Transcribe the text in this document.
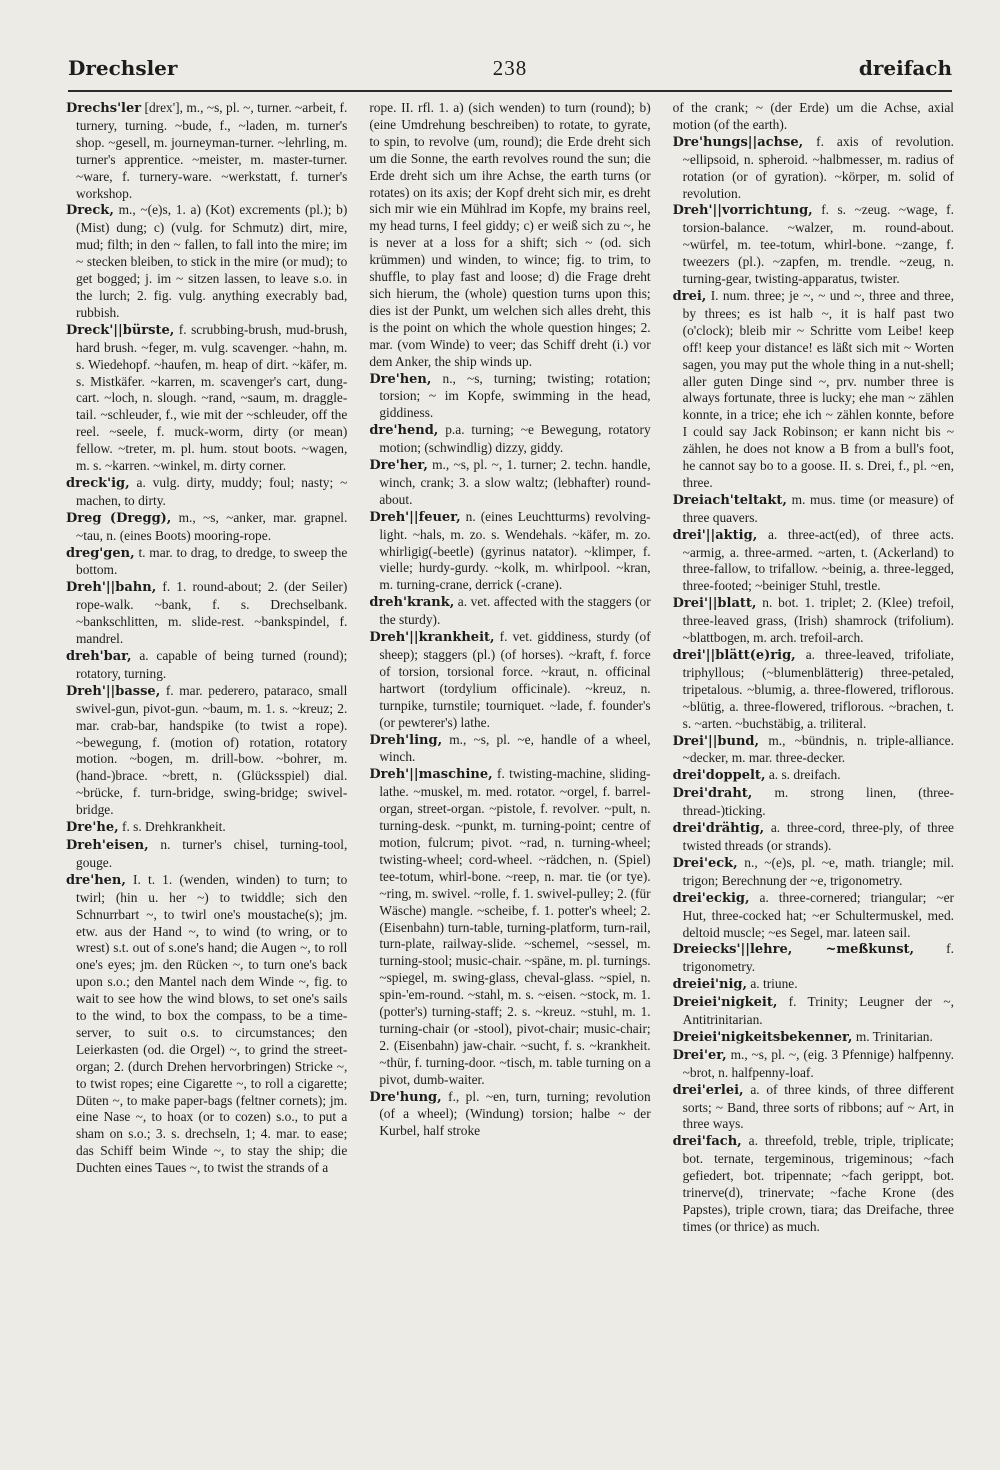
Drechsler	238	dreifach
Drechs'ler [drex'], m., ~s, pl. ~, turner. ~arbeit, f. turnery, turning. ~bude, f., ~laden, m. turner's shop. ~gesell, m. journeyman-turner. ~lehrling, m. turner's apprentice. ~meister, m. master-turner. ~ware, f. turnery-ware. ~werkstatt, f. turner's workshop.
Dreck, m., ~(e)s, 1. a) (Kot) excrements (pl.); b) (Mist) dung; c) (vulg. for Schmutz) dirt, mire, mud; filth; in den ~ fallen, to fall into the mire; im ~ stecken bleiben, to stick in the mire (or mud); to get bogged; j. im ~ sitzen lassen, to leave s.o. in the lurch; 2. fig. vulg. anything execrably bad, rubbish.
Dreck'||bürste, f. scrubbing-brush, mud-brush, hard brush. ~feger, m. vulg. scavenger. ~hahn, m. s. Wiedehopf. ~haufen, m. heap of dirt. ~käfer, m. s. Mistkäfer. ~karren, m. scavenger's cart, dung-cart. ~loch, n. slough. ~rand, ~saum, m. draggle-tail. ~schleuder, f., wie mit der ~schleuder, off the reel. ~seele, f. muck-worm, dirty (or mean) fellow. ~treter, m. pl. hum. stout boots. ~wagen, m. s. ~karren. ~winkel, m. dirty corner.
dreck'ig, a. vulg. dirty, muddy; foul; nasty; ~ machen, to dirty.
Dreg (Dregg), m., ~s, ~anker, mar. grapnel. ~tau, n. (eines Boots) mooring-rope.
dreg'gen, t. mar. to drag, to dredge, to sweep the bottom.
Dreh'||bahn, f. 1. round-about; 2. (der Seiler) rope-walk. ~bank, f. s. Drechselbank. ~bankschlitten, m. slide-rest. ~bankspindel, f. mandrel.
dreh'bar, a. capable of being turned (round); rotatory, turning.
Dreh'||basse, f. mar. pederero, pataraco, small swivel-gun, pivot-gun. ~baum, m. 1. s. ~kreuz; 2. mar. crab-bar, handspike (to twist a rope). ~bewegung, f. (motion of) rotation, rotatory motion. ~bogen, m. drill-bow. ~bohrer, m. (hand-)brace. ~brett, n. (Glücksspiel) dial. ~brücke, f. turn-bridge, swing-bridge; swivel-bridge.
Dre'he, f. s. Drehkrankheit.
Dreh'eisen, n. turner's chisel, turning-tool, gouge.
dre'hen, I. t. 1. (wenden, winden) to turn; to twirl; (hin u. her ~) to twiddle; sich den Schnurrbart ~, to twirl one's moustache(s); jm. etw. aus der Hand ~, to wind (to wring, or to wrest) s.t. out of s.one's hand; die Augen ~, to roll one's eyes; jm. den Rücken ~, to turn one's back upon s.o.; den Mantel nach dem Winde ~, fig. to wait to see how the wind blows, to set one's sails to the wind, to box the compass, to be a time-server, to suit o.s. to circumstances; den Leierkasten (od. die Orgel) ~, to grind the street-organ; 2. (durch Drehen hervorbringen) Stricke ~, to twist ropes; eine Cigarette ~, to roll a cigarette; Düten ~, to make paper-bags (feltner cornets); jm. eine Nase ~, to hoax (or to cozen) s.o., to put a sham on s.o.; 3. s. drechseln, 1; 4. mar. to ease; das Schiff beim Winde ~, to stay the ship; die Duchten eines Taues ~, to twist the strands of a
rope. II. rfl. 1. a) (sich wenden) to turn (round); b) (eine Umdrehung beschreiben) to rotate, to gyrate, to spin, to revolve (um, round); die Erde dreht sich um die Sonne, the earth revolves round the sun; die Erde dreht sich um ihre Achse, the earth turns (or rotates) on its axis; der Kopf dreht sich mir, es dreht sich mir wie ein Mühlrad im Kopfe, my brains reel, my head turns, I feel giddy; c) er weiß sich zu ~, he is never at a loss for a shift; sich ~ (od. sich krümmen) und winden, to wince; fig. to trim, to shuffle, to play fast and loose; d) die Frage dreht sich hierum, the (whole) question turns upon this; dies ist der Punkt, um welchen sich alles dreht, this is the point on which the whole question hinges; 2. mar. (vom Winde) to veer; das Schiff dreht (i.) vor dem Anker, the ship winds up.
Dre'hen, n., ~s, turning; twisting; rotation; torsion; ~ im Kopfe, swimming in the head, giddiness.
dre'hend, p.a. turning; ~e Bewegung, rotatory motion; (schwindlig) dizzy, giddy.
Dre'her, m., ~s, pl. ~, 1. turner; 2. techn. handle, winch, crank; 3. a slow waltz; (lebhafter) round-about.
Dreh'||feuer, n. (eines Leuchtturms) revolving-light. ~hals, m. zo. s. Wendehals. ~käfer, m. zo. whirligig(-beetle) (gyrinus natator). ~klimper, f. vielle; hurdy-gurdy. ~kolk, m. whirlpool. ~kran, m. turning-crane, derrick (-crane).
dreh'krank, a. vet. affected with the staggers (or the sturdy).
Dreh'||krankheit, f. vet. giddiness, sturdy (of sheep); staggers (pl.) (of horses). ~kraft, f. force of torsion, torsional force. ~kraut, n. officinal hartwort (tordylium officinale). ~kreuz, n. turnpike, turnstile; tourniquet. ~lade, f. founder's (or pewterer's) lathe.
Dreh'ling, m., ~s, pl. ~e, handle of a wheel, winch.
Dreh'||maschine, f. twisting-machine, sliding-lathe. ~muskel, m. med. rotator. ~orgel, f. barrel-organ, street-organ. ~pistole, f. revolver. ~pult, n. turning-desk. ~punkt, m. turning-point; centre of motion, fulcrum; pivot. ~rad, n. turning-wheel; twisting-wheel; cord-wheel. ~rädchen, n. (Spiel) tee-totum, whirl-bone. ~reep, n. mar. tie (or tye). ~ring, m. swivel. ~rolle, f. 1. swivel-pulley; 2. (für Wäsche) mangle. ~scheibe, f. 1. potter's wheel; 2. (Eisenbahn) turn-table, turning-platform, turn-rail, turn-plate, railway-slide. ~schemel, ~sessel, m. turning-stool; music-chair. ~späne, m. pl. turnings. ~spiegel, m. swing-glass, cheval-glass. ~spiel, n. spin-'em-round. ~stahl, m. s. ~eisen. ~stock, m. 1. (potter's) turning-staff; 2. s. ~kreuz. ~stuhl, m. 1. turning-chair (or -stool), pivot-chair; music-chair; 2. (Eisenbahn) jaw-chair. ~sucht, f. s. ~krankheit. ~thür, f. turning-door. ~tisch, m. table turning on a pivot, dumb-waiter.
Dre'hung, f., pl. ~en, turn, turning; revolution (of a wheel); (Windung) torsion; halbe ~ der Kurbel, half stroke
of the crank; ~ (der Erde) um die Achse, axial motion (of the earth).
Dre'hungs||achse, f. axis of revolution. ~ellipsoid, n. spheroid. ~halbmesser, m. radius of rotation (or of gyration). ~körper, m. solid of revolution.
Dreh'||vorrichtung, f. s. ~zeug. ~wage, f. torsion-balance. ~walzer, m. round-about. ~würfel, m. tee-totum, whirl-bone. ~zange, f. tweezers (pl.). ~zapfen, m. trendle. ~zeug, n. turning-gear, twisting-apparatus, twister.
drei, I. num. three; je ~, ~ und ~, three and three, by threes; es ist halb ~, it is half past two (o'clock); bleib mir ~ Schritte vom Leibe! keep off! keep your distance! es läßt sich mit ~ Worten sagen, you may put the whole thing in a nut-shell; aller guten Dinge sind ~, prv. number three is always fortunate, three is lucky; ehe man ~ zählen konnte, in a trice; ehe ich ~ zählen konnte, before I could say Jack Robinson; er kann nicht bis ~ zählen, he does not know a B from a bull's foot, he cannot say bo to a goose. II. s. Drei, f., pl. ~en, three.
Dreiach'teltakt, m. mus. time (or measure) of three quavers.
drei'||aktig, a. three-act(ed), of three acts. ~armig, a. three-armed. ~arten, t. (Ackerland) to three-fallow, to trifallow. ~beinig, a. three-legged, three-footed; ~beiniger Stuhl, trestle.
Drei'||blatt, n. bot. 1. triplet; 2. (Klee) trefoil, three-leaved grass, (Irish) shamrock (trifolium). ~blattbogen, m. arch. trefoil-arch.
drei'||blätt(e)rig, a. three-leaved, trifoliate, triphyllous; (~blumenblätterig) three-petaled, tripetalous. ~blumig, a. three-flowered, triflorous. ~blütig, a. three-flowered, triflorous. ~brachen, t. s. ~arten. ~buchstäbig, a. triliteral.
Drei'||bund, m., ~bündnis, n. triple-alliance. ~decker, m. mar. three-decker.
drei'doppelt, a. s. dreifach.
Drei'draht, m. strong linen, (three-thread-)ticking.
drei'drähtig, a. three-cord, three-ply, of three twisted threads (or strands).
Drei'eck, n., ~(e)s, pl. ~e, math. triangle; mil. trigon; Berechnung der ~e, trigonometry.
drei'eckig, a. three-cornered; triangular; ~er Hut, three-cocked hat; ~er Schultermuskel, med. deltoid muscle; ~es Segel, mar. lateen sail.
Dreiecks'||lehre, ~meßkunst, f. trigonometry.
dreiei'nig, a. triune.
Dreiei'nigkeit, f. Trinity; Leugner der ~, Antitrinitarian.
Dreiei'nigkeitsbekenner, m. Trinitarian.
Drei'er, m., ~s, pl. ~, (eig. 3 Pfennige) halfpenny. ~brot, n. halfpenny-loaf.
drei'erlei, a. of three kinds, of three different sorts; ~ Band, three sorts of ribbons; auf ~ Art, in three ways.
drei'fach, a. threefold, treble, triple, triplicate; bot. ternate, tergeminous, trigeminous; ~fach gefiedert, bot. tripennate; ~fach gerippt, bot. trinerve(d), trinervate; ~fache Krone (des Papstes), triple crown, tiara; das Dreifache, three times (or thrice) as much.
